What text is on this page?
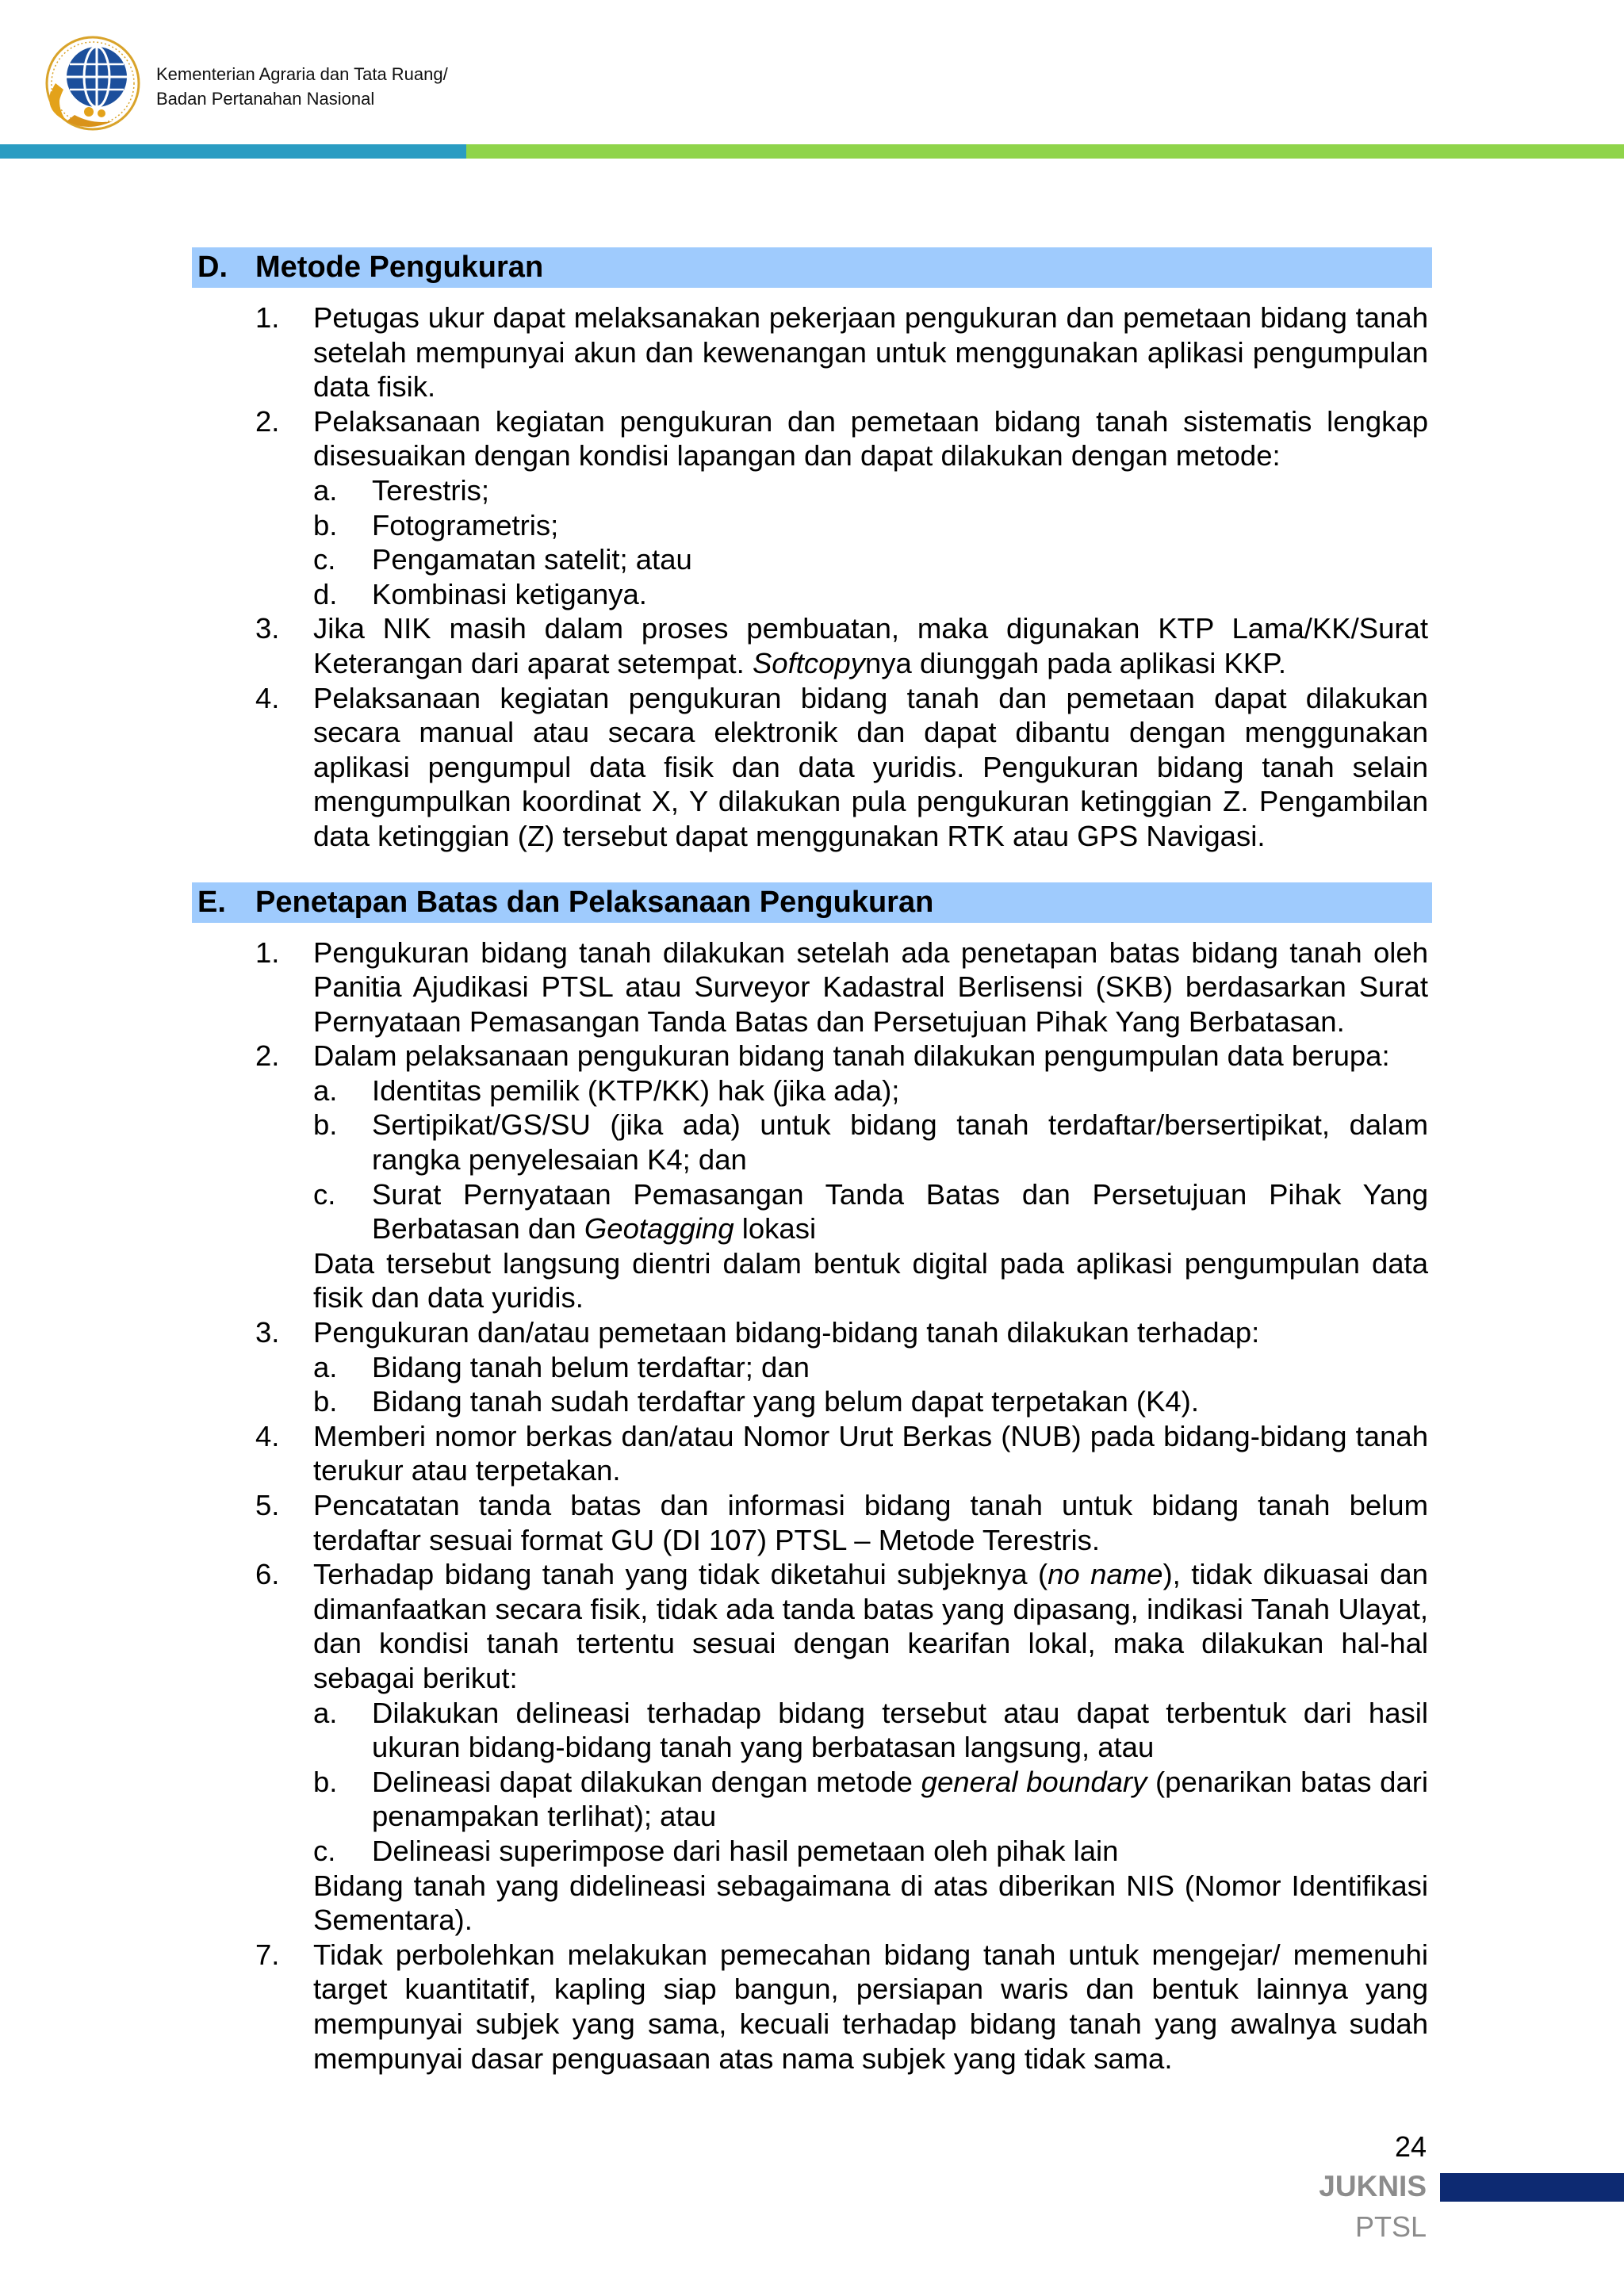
Kementerian Agraria dan Tata Ruang/
Badan Pertanahan Nasional
D. Metode Pengukuran
1. Petugas ukur dapat melaksanakan pekerjaan pengukuran dan pemetaan bidang tanah setelah mempunyai akun dan kewenangan untuk menggunakan aplikasi pengumpulan data fisik.
2. Pelaksanaan kegiatan pengukuran dan pemetaan bidang tanah sistematis lengkap disesuaikan dengan kondisi lapangan dan dapat dilakukan dengan metode:
a. Terestris;
b. Fotogrametris;
c. Pengamatan satelit; atau
d. Kombinasi ketiganya.
3. Jika NIK masih dalam proses pembuatan, maka digunakan KTP Lama/KK/Surat Keterangan dari aparat setempat. Softcopynya diunggah pada aplikasi KKP.
4. Pelaksanaan kegiatan pengukuran bidang tanah dan pemetaan dapat dilakukan secara manual atau secara elektronik dan dapat dibantu dengan menggunakan aplikasi pengumpul data fisik dan data yuridis. Pengukuran bidang tanah selain mengumpulkan koordinat X, Y dilakukan pula pengukuran ketinggian Z. Pengambilan data ketinggian (Z) tersebut dapat menggunakan RTK atau GPS Navigasi.
E. Penetapan Batas dan Pelaksanaan Pengukuran
1. Pengukuran bidang tanah dilakukan setelah ada penetapan batas bidang tanah oleh Panitia Ajudikasi PTSL atau Surveyor Kadastral Berlisensi (SKB) berdasarkan Surat Pernyataan Pemasangan Tanda Batas dan Persetujuan Pihak Yang Berbatasan.
2. Dalam pelaksanaan pengukuran bidang tanah dilakukan pengumpulan data berupa:
a. Identitas pemilik (KTP/KK) hak (jika ada);
b. Sertipikat/GS/SU (jika ada) untuk bidang tanah terdaftar/bersertipikat, dalam rangka penyelesaian K4; dan
c. Surat Pernyataan Pemasangan Tanda Batas dan Persetujuan Pihak Yang Berbatasan dan Geotagging lokasi
Data tersebut langsung dientri dalam bentuk digital pada aplikasi pengumpulan data fisik dan data yuridis.
3. Pengukuran dan/atau pemetaan bidang-bidang tanah dilakukan terhadap:
a. Bidang tanah belum terdaftar; dan
b. Bidang tanah sudah terdaftar yang belum dapat terpetakan (K4).
4. Memberi nomor berkas dan/atau Nomor Urut Berkas (NUB) pada bidang-bidang tanah terukur atau terpetakan.
5. Pencatatan tanda batas dan informasi bidang tanah untuk bidang tanah belum terdaftar sesuai format GU (DI 107) PTSL – Metode Terestris.
6. Terhadap bidang tanah yang tidak diketahui subjeknya (no name), tidak dikuasai dan dimanfaatkan secara fisik, tidak ada tanda batas yang dipasang, indikasi Tanah Ulayat, dan kondisi tanah tertentu sesuai dengan kearifan lokal, maka dilakukan hal-hal sebagai berikut:
a. Dilakukan delineasi terhadap bidang tersebut atau dapat terbentuk dari hasil ukuran bidang-bidang tanah yang berbatasan langsung, atau
b. Delineasi dapat dilakukan dengan metode general boundary (penarikan batas dari penampakan terlihat); atau
c. Delineasi superimpose dari hasil pemetaan oleh pihak lain
Bidang tanah yang didelineasi sebagaimana di atas diberikan NIS (Nomor Identifikasi Sementara).
7. Tidak perbolehkan melakukan pemecahan bidang tanah untuk mengejar/ memenuhi target kuantitatif, kapling siap bangun, persiapan waris dan bentuk lainnya yang mempunyai subjek yang sama, kecuali terhadap bidang tanah yang awalnya sudah mempunyai dasar penguasaan atas nama subjek yang tidak sama.
24
JUKNIS
PTSL
